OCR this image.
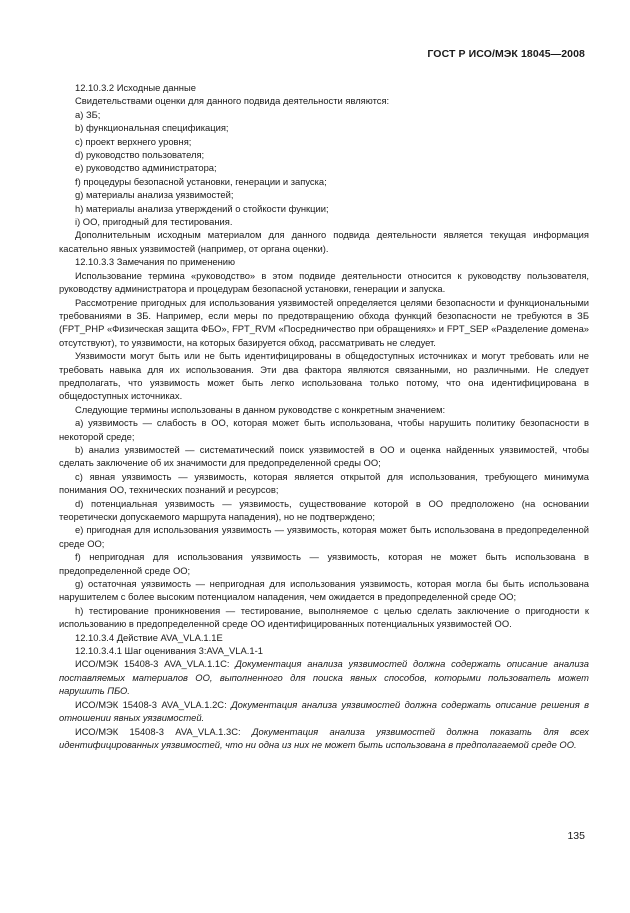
ГОСТ Р ИСО/МЭК 18045—2008

12.10.3.2 Исходные данные

Свидетельствами оценки для данного подвида деятельности являются:

а) ЗБ;
b) функциональная спецификация;
c) проект верхнего уровня;
d) руководство пользователя;
е) руководство администратора;
f) процедуры безопасной установки, генерации и запуска;
g) материалы анализа уязвимостей;
h) материалы анализа утверждений о стойкости функции;
i) ОО, пригодный для тестирования.

Дополнительным исходным материалом для данного подвида деятельности является текущая информация касательно явных уязвимостей (например, от органа оценки).

12.10.3.3 Замечания по применению

Использование термина «руководство» в этом подвиде деятельности относится к руководству пользователя, руководству администратора и процедурам безопасной установки, генерации и запуска.

Рассмотрение пригодных для использования уязвимостей определяется целями безопасности и функциональными требованиями в ЗБ. Например, если меры по предотвращению обхода функций безопасности не требуются в ЗБ (FPT_PHP «Физическая защита ФБО», FPT_RVM «Посредничество при обращениях» и FPT_SEP «Разделение домена» отсутствуют), то уязвимости, на которых базируется обход, рассматривать не следует.

Уязвимости могут быть или не быть идентифицированы в общедоступных источниках и могут требовать или не требовать навыка для их использования. Эти два фактора являются связанными, но различными. Не следует предполагать, что уязвимость может быть легко использована только потому, что она идентифицирована в общедоступных источниках.

Следующие термины использованы в данном руководстве с конкретным значением:

а) уязвимость — слабость в ОО, которая может быть использована, чтобы нарушить политику безопасности в некоторой среде;

b) анализ уязвимостей — систематический поиск уязвимостей в ОО и оценка найденных уязвимостей, чтобы сделать заключение об их значимости для предопределенной среды ОО;

c) явная уязвимость — уязвимость, которая является открытой для использования, требующего минимума понимания ОО, технических познаний и ресурсов;

d) потенциальная уязвимость — уязвимость, существование которой в ОО предположено (на основании теоретически допускаемого маршрута нападения), но не подтверждено;

е) пригодная для использования уязвимость — уязвимость, которая может быть использована в предопределенной среде ОО;

f) непригодная для использования уязвимость — уязвимость, которая не может быть использована в предопределенной среде ОО;

g) остаточная уязвимость — непригодная для использования уязвимость, которая могла бы быть использована нарушителем с более высоким потенциалом нападения, чем ожидается в предопределенной среде ОО;

h) тестирование проникновения — тестирование, выполняемое с целью сделать заключение о пригодности к использованию в предопределенной среде ОО идентифицированных потенциальных уязвимостей ОО.

12.10.3.4 Действие AVA_VLA.1.1E

12.10.3.4.1 Шаг оценивания 3:AVA_VLA.1-1

ИСО/МЭК 15408-3 AVA_VLA.1.1C: Документация анализа уязвимостей должна содержать описание анализа поставляемых материалов ОО, выполненного для поиска явных способов, которыми пользователь может нарушить ПБО.

ИСО/МЭК 15408-3 AVA_VLA.1.2C: Документация анализа уязвимостей должна содержать описание решения в отношении явных уязвимостей.

ИСО/МЭК 15408-3 AVA_VLA.1.3C: Документация анализа уязвимостей должна показать для всех идентифицированных уязвимостей, что ни одна из них не может быть использована в предполагаемой среде ОО.

135
